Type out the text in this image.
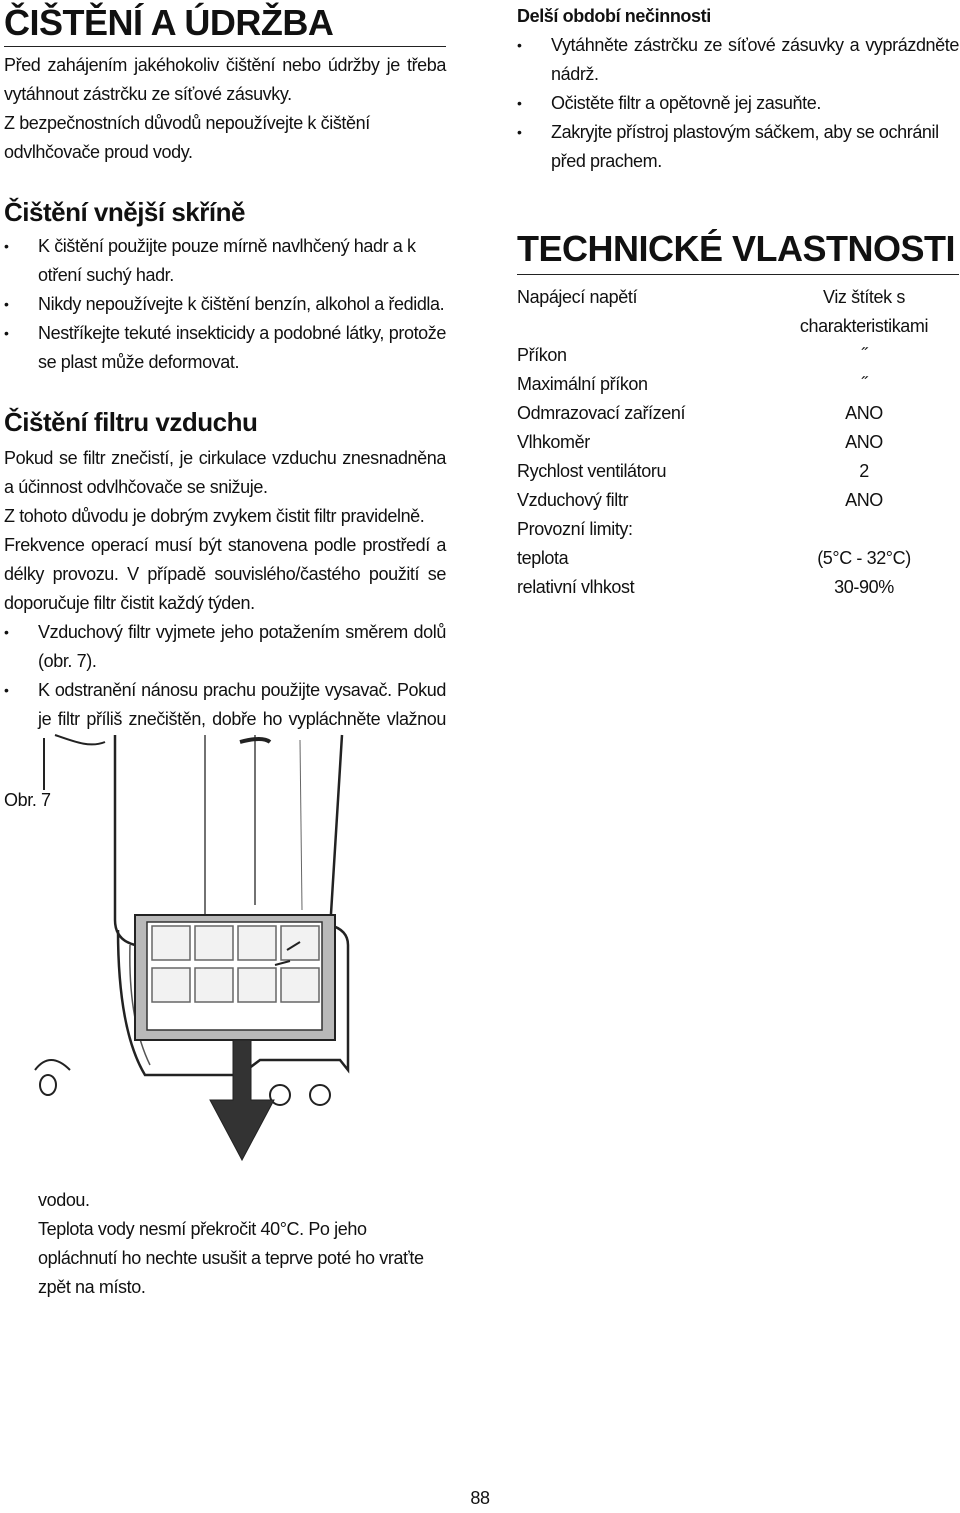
ČIŠTĚNÍ A ÚDRŽBA
Před zahájením jakéhokoliv čištění nebo údržby je třeba vytáhnout zástrčku ze síťové zásuvky.
Z bezpečnostních důvodů nepoužívejte k čištění odvlhčovače proud vody.
Čištění vnější skříně
• K čištění použijte pouze mírně navlhčený hadr a k otření suchý hadr.
• Nikdy nepoužívejte k čištění benzín, alkohol a ředidla.
• Nestříkejte tekuté insekticidy a podobné látky, protože se plast může deformovat.
Čištění filtru vzduchu
Pokud se filtr znečistí, je cirkulace vzduchu znesnadněna a účinnost odvlhčovače se snižuje.
Z tohoto důvodu je dobrým zvykem čistit filtr pravidelně.
Frekvence operací musí být stanovena podle prostředí a délky provozu. V případě souvislého/častého použití se doporučuje filtr čistit každý týden.
• Vzduchový filtr vyjmete jeho potažením směrem dolů (obr. 7).
• K odstranění nánosu prachu použijte vysavač. Pokud je filtr příliš znečištěn, dobře ho vypláchněte vlažnou
Obr. 7
vodou.
Teplota vody nesmí překročit 40°C. Po jeho opláchnutí ho nechte usušit a teprve poté ho vraťte zpět na místo.
Delší období nečinnosti
• Vytáhněte zástrčku ze síťové zásuvky a vyprázdněte nádrž.
• Očistěte filtr a opětovně jej zasuňte.
• Zakryjte přístroj plastovým sáčkem, aby se ochránil před prachem.
TECHNICKÉ VLASTNOSTI
Napájecí napětí	Viz štítek s charakteristikami
Příkon	˝
Maximální příkon	˝
Odmrazovací zařízení	ANO
Vlhkoměr	ANO
Rychlost ventilátoru	2
Vzduchový filtr	ANO
Provozní limity:
teplota	(5°C - 32°C)
relativní vlhkost	30-90%
88
